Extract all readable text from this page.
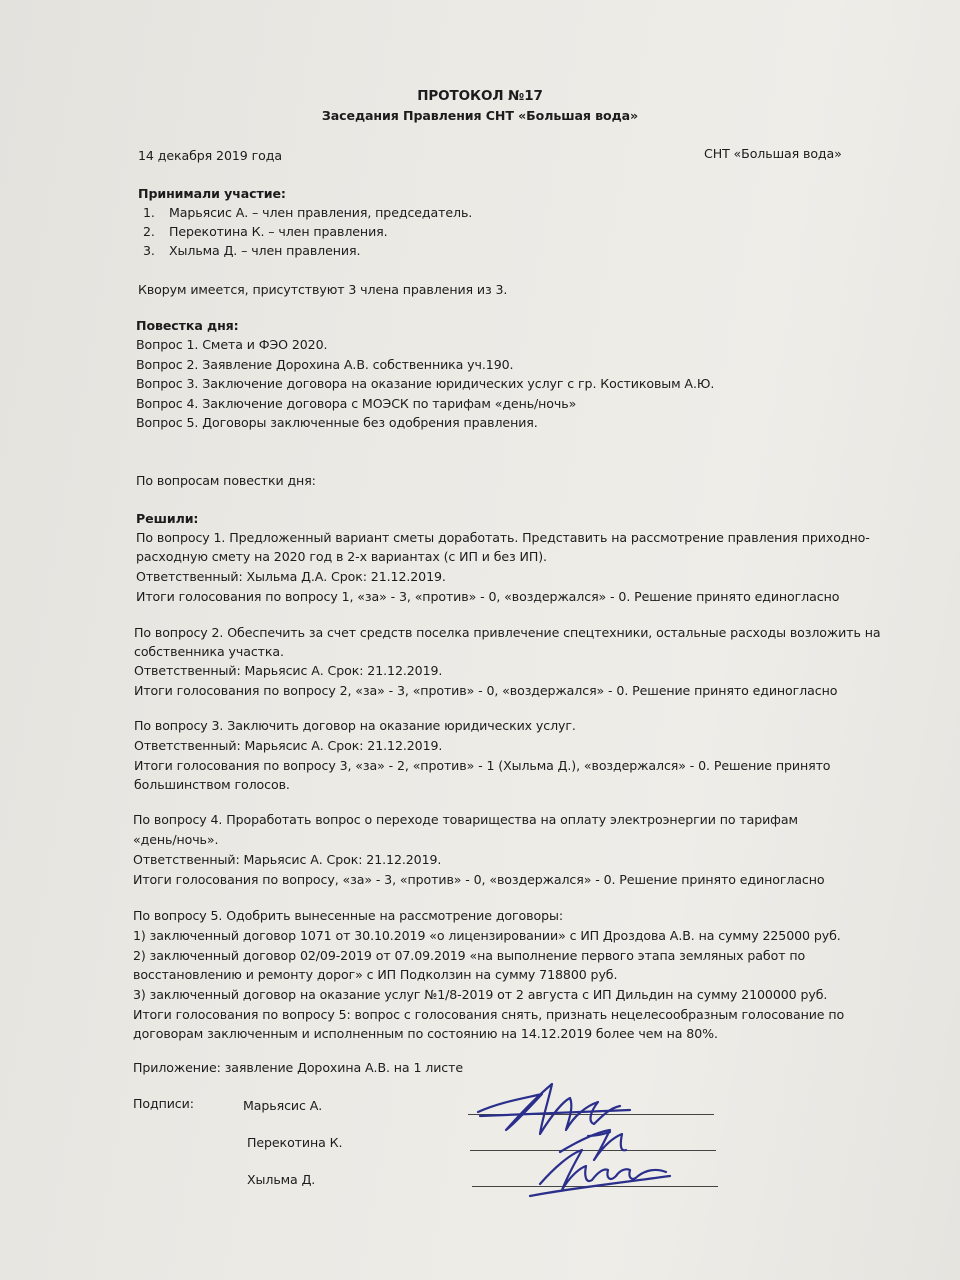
ПРОТОКОЛ №17
Заседания Правления СНТ «Большая вода»
14 декабря 2019 года	СНТ «Большая вода»
Принимали участие:
1. Марьясис А. – член правления, председатель.
2. Перекотина К. – член правления.
3. Хыльма Д. – член правления.
Кворум имеется, присутствуют 3 члена правления из 3.
Повестка дня:
Вопрос 1. Смета и ФЭО 2020.
Вопрос 2. Заявление Дорохина А.В. собственника уч.190.
Вопрос 3. Заключение договора на оказание юридических услуг с гр. Костиковым А.Ю.
Вопрос 4. Заключение договора с МОЭСК по тарифам «день/ночь»
Вопрос 5. Договоры заключенные без одобрения правления.
По вопросам повестки дня:
Решили:
По вопросу 1. Предложенный вариант сметы доработать. Представить на рассмотрение правления приходно-
расходную смету на 2020 год в 2-х вариантах (с ИП и без ИП).
Ответственный: Хыльма Д.А. Срок: 21.12.2019.
Итоги голосования по вопросу 1, «за» - 3, «против» - 0, «воздержался» - 0. Решение принято единогласно
По вопросу 2. Обеспечить за счет средств поселка привлечение спецтехники, остальные расходы возложить на
собственника участка.
Ответственный: Марьясис А. Срок: 21.12.2019.
Итоги голосования по вопросу 2, «за» - 3, «против» - 0, «воздержался» - 0. Решение принято единогласно
По вопросу 3. Заключить договор на оказание юридических услуг.
Ответственный: Марьясис А. Срок: 21.12.2019.
Итоги голосования по вопросу 3, «за» - 2, «против» - 1 (Хыльма Д.), «воздержался» - 0. Решение принято
большинством голосов.
По вопросу 4. Проработать вопрос о переходе товарищества на оплату электроэнергии по тарифам
«день/ночь».
Ответственный: Марьясис А. Срок: 21.12.2019.
Итоги голосования по вопросу, «за» - 3, «против» - 0, «воздержался» - 0. Решение принято единогласно
По вопросу 5. Одобрить вынесенные на рассмотрение договоры:
1) заключенный договор 1071 от 30.10.2019 «о лицензировании» с ИП Дроздова А.В. на сумму 225000 руб.
2) заключенный договор 02/09-2019 от 07.09.2019 «на выполнение первого этапа земляных работ по
восстановлению и ремонту дорог» с ИП Подколзин на сумму 718800 руб.
3) заключенный договор на оказание услуг №1/8-2019 от 2 августа с ИП Дильдин на сумму 2100000 руб.
Итоги голосования по вопросу 5: вопрос с голосования снять, признать нецелесообразным голосование по
договорам заключенным и исполненным по состоянию на 14.12.2019 более чем на 80%.
Приложение: заявление Дорохина А.В. на 1 листе
Подписи:	Марьясис А.
Перекотина К.
Хыльма Д.
